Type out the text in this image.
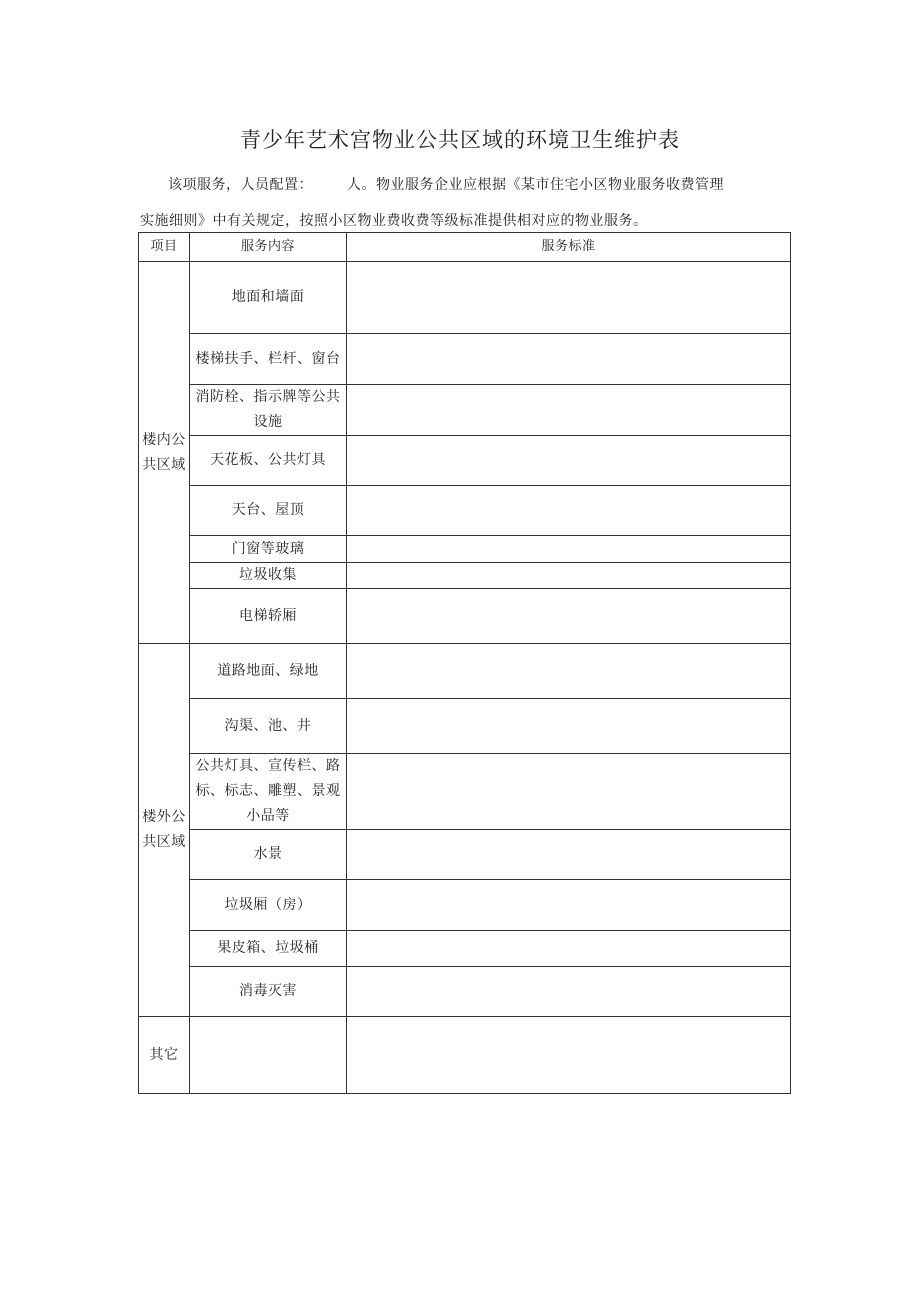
青少年艺术宫物业公共区域的环境卫生维护表
该项服务，人员配置： 人。物业服务企业应根据《某市住宅小区物业服务收费管理
实施细则》中有关规定，按照小区物业费收费等级标准提供相对应的物业服务。
项目	服务内容	服务标准
楼内公共区域	地面和墙面	
	楼梯扶手、栏杆、窗台	
	消防栓、指示牌等公共设施	
	天花板、公共灯具	
	天台、屋顶	
	门窗等玻璃	
	垃圾收集	
	电梯轿厢	
楼外公共区域	道路地面、绿地	
	沟渠、池、井	
	公共灯具、宣传栏、路标、标志、雕塑、景观小品等	
	水景	
	垃圾厢（房）	
	果皮箱、垃圾桶	
	消毒灭害	
其它		
